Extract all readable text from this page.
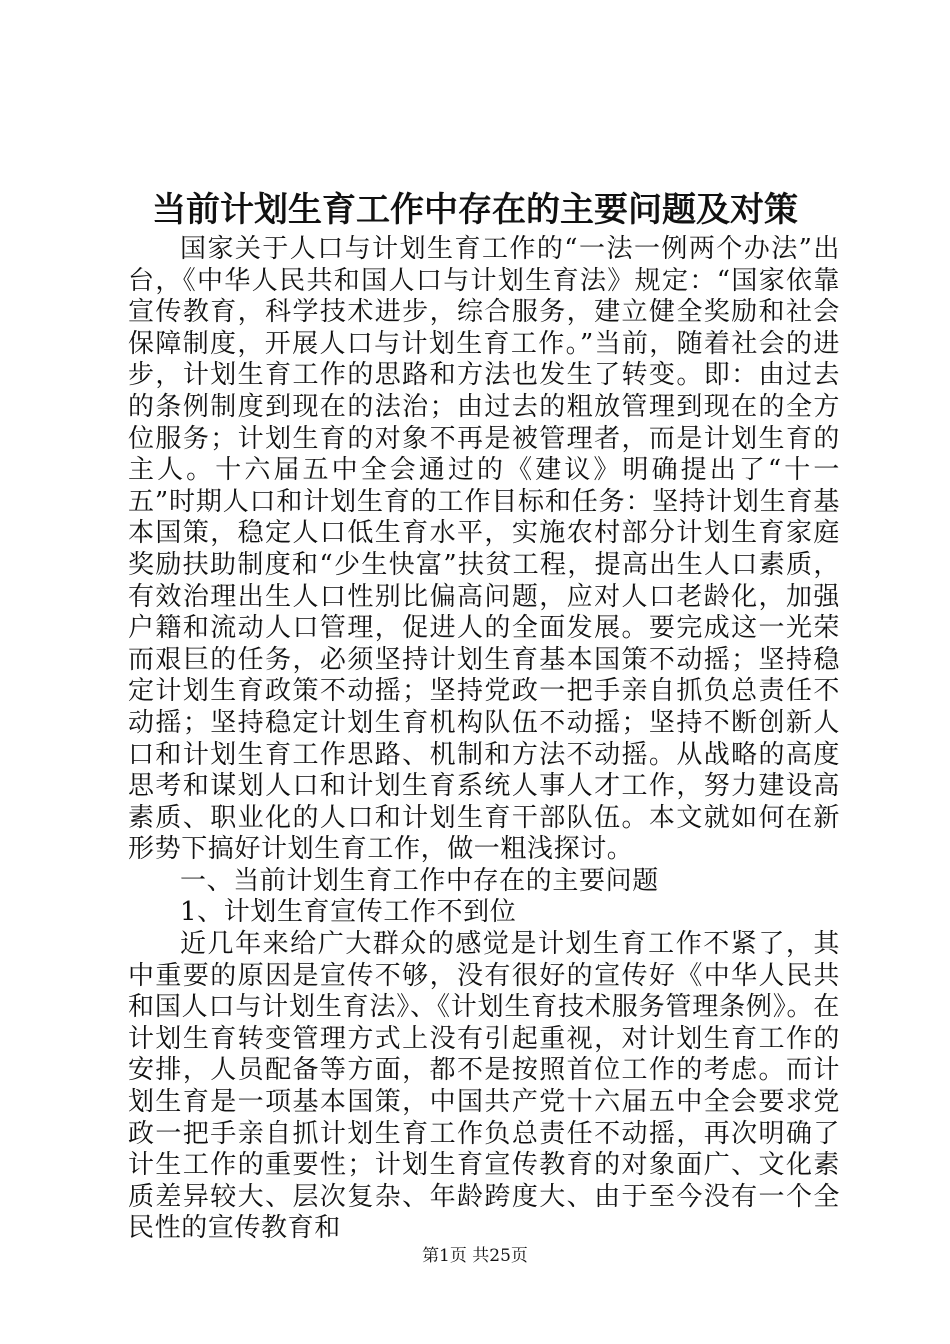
当前计划生育工作中存在的主要问题及对策

国家关于人口与计划生育工作的“一法一例两个办法”出台，《中华人民共和国人口与计划生育法》规定：“国家依靠宣传教育，科学技术进步，综合服务，建立健全奖励和社会保障制度，开展人口与计划生育工作。”当前，随着社会的进步，计划生育工作的思路和方法也发生了转变。即：由过去的条例制度到现在的法治；由过去的粗放管理到现在的全方位服务；计划生育的对象不再是被管理者，而是计划生育的主人。十六届五中全会通过的《建议》明确提出了“十一五”时期人口和计划生育的工作目标和任务：坚持计划生育基本国策，稳定人口低生育水平，实施农村部分计划生育家庭奖励扶助制度和“少生快富”扶贫工程，提高出生人口素质，有效治理出生人口性别比偏高问题，应对人口老龄化，加强户籍和流动人口管理，促进人的全面发展。要完成这一光荣而艰巨的任务，必须坚持计划生育基本国策不动摇；坚持稳定计划生育政策不动摇；坚持党政一把手亲自抓负总责任不动摇；坚持稳定计划生育机构队伍不动摇；坚持不断创新人口和计划生育工作思路、机制和方法不动摇。从战略的高度思考和谋划人口和计划生育系统人事人才工作，努力建设高素质、职业化的人口和计划生育干部队伍。本文就如何在新形势下搞好计划生育工作，做一粗浅探讨。

一、当前计划生育工作中存在的主要问题

1、计划生育宣传工作不到位

近几年来给广大群众的感觉是计划生育工作不紧了，其中重要的原因是宣传不够，没有很好的宣传好《中华人民共和国人口与计划生育法》、《计划生育技术服务管理条例》。在计划生育转变管理方式上没有引起重视，对计划生育工作的安排，人员配备等方面，都不是按照首位工作的考虑。而计划生育是一项基本国策，中国共产党十六届五中全会要求党政一把手亲自抓计划生育工作负总责任不动摇，再次明确了计生工作的重要性；计划生育宣传教育的对象面广、文化素质差异较大、层次复杂、年龄跨度大、由于至今没有一个全民性的宣传教育和

第1页 共25页
